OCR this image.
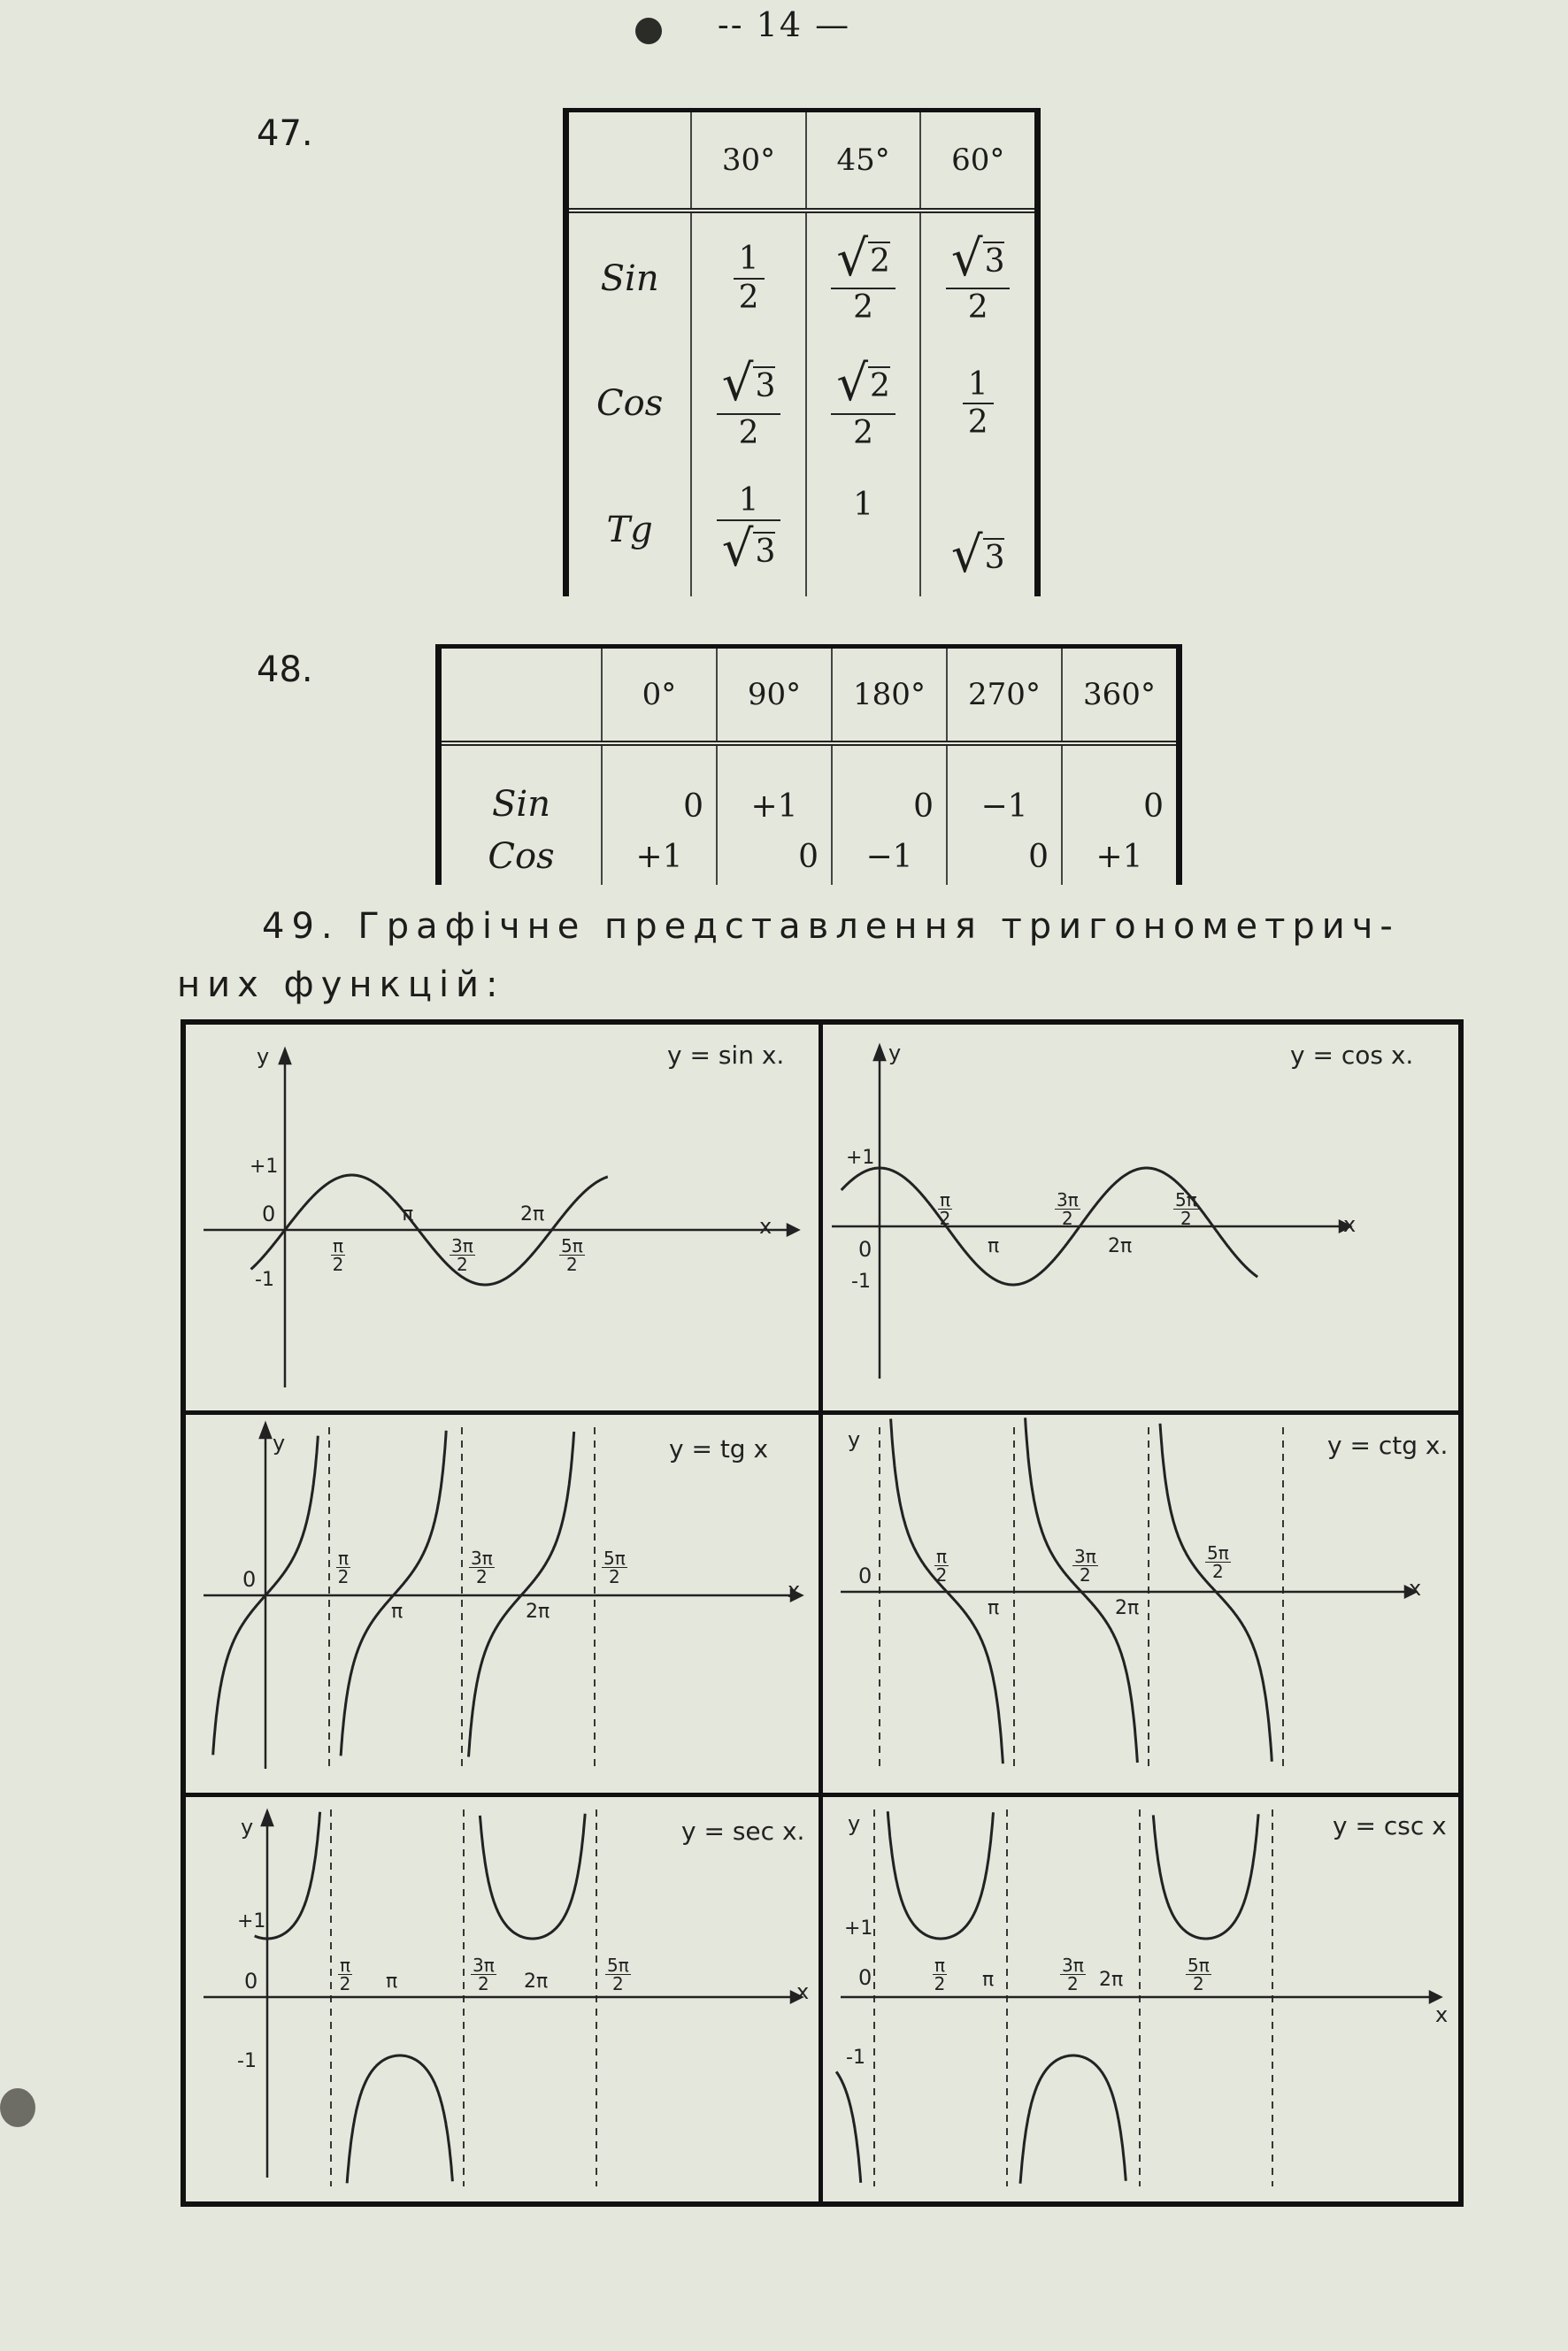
-- 14 —
47.
	30°	45°	60°
Sin	$\frac{1}{2}$	$\frac{√2}{2}$	$\frac{√3}{2}$

Cos	$\frac{√3}{2}$	$\frac{√2}{2}$	$\frac{1}{2}$

Tg	$\frac{1}{√3}$	1	√3
48.
	0°	90°	180°	270°	360°
Sin	0	+1	0	−1	0
Cos	+1	0	−1	0	+1
49. Графічне представлення тригонометрич-
них функцій:
y = sin x.
y
x
0
+1
-1
π	2π
π
2
3π
2
5π
2
y = cos x.
y
x
0
+1
-1
π	2π
π
2
3π
2
5π
2
y = tg x
y
x
0
π	2π
π
2
3π
2
5π
2
y = ctg x.
y
x
0
π	2π
π
2
3π
2
5π
2
y = sec x.
y
x
0
+1
-1
π	2π
π
2
3π
2
5π
2
y = csc x
y
x
0
+1
-1
π	2π
π
2
3π
2
5π
2
